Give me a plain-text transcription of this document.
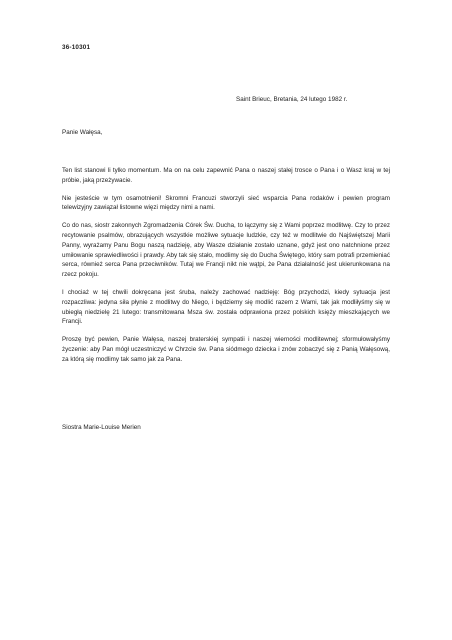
36-10301
Saint Brieuc, Bretania, 24 lutego 1982 r.
Panie Wałęsa,

Ten list stanowi li tylko momentum. Ma on na celu zapewnić Pana o naszej stałej trosce o Pana i o Wasz kraj w tej próbie, jaką przeżywacie.

Nie jesteście w tym osamotnieni! Skromni Francuzi stworzyli sieć wsparcia Pana rodaków i pewien program telewizyjny zawiązał listowne więzi między nimi a nami.

Co do nas, siostr zakonnych Zgromadzenia Córek Św. Ducha, to łączymy się z Wami poprzez modlitwę. Czy to przez recytowanie psalmów, obrazujących wszystkie możliwe sytuacje ludzkie, czy też w modlitwie do Najświętszej Marii Panny, wyrażamy Panu Bogu naszą nadzieję, aby Wasze działanie zostało uznane, gdyż jest ono natchnione przez umiłowanie sprawiedliwości i prawdy. Aby tak się stało, modlimy się do Ducha Świętego, który sam potrafi przemieniać serca, również serca Pana przeciwników. Tutaj we Francji nikt nie wątpi, że Pana działalność jest ukierunkowana na rzecz pokoju.

I chociaż w tej chwili dokręcana jest śruba, należy zachować nadzieję: Bóg przychodzi, kiedy sytuacja jest rozpaczliwa: jedyna siła płynie z modlitwy do Niego, i będziemy się modlić razem z Wami, tak jak modliłyśmy się w ubiegłą niedzielę 21 lutego: transmitowana Msza św. została odprawiona przez polskich księży mieszkających we Francji.

Proszę być pewien, Panie Wałęsa, naszej braterskiej sympatii i naszej wierności modlitewnej; sformułowałyśmy życzenie: aby Pan mógł uczestniczyć w Chrzcie św. Pana siódmego dziecka i znów zobaczyć się z Panią Wałęsową, za którą się modlimy tak samo jak za Pana.

Siostra Marie-Louise Merien
